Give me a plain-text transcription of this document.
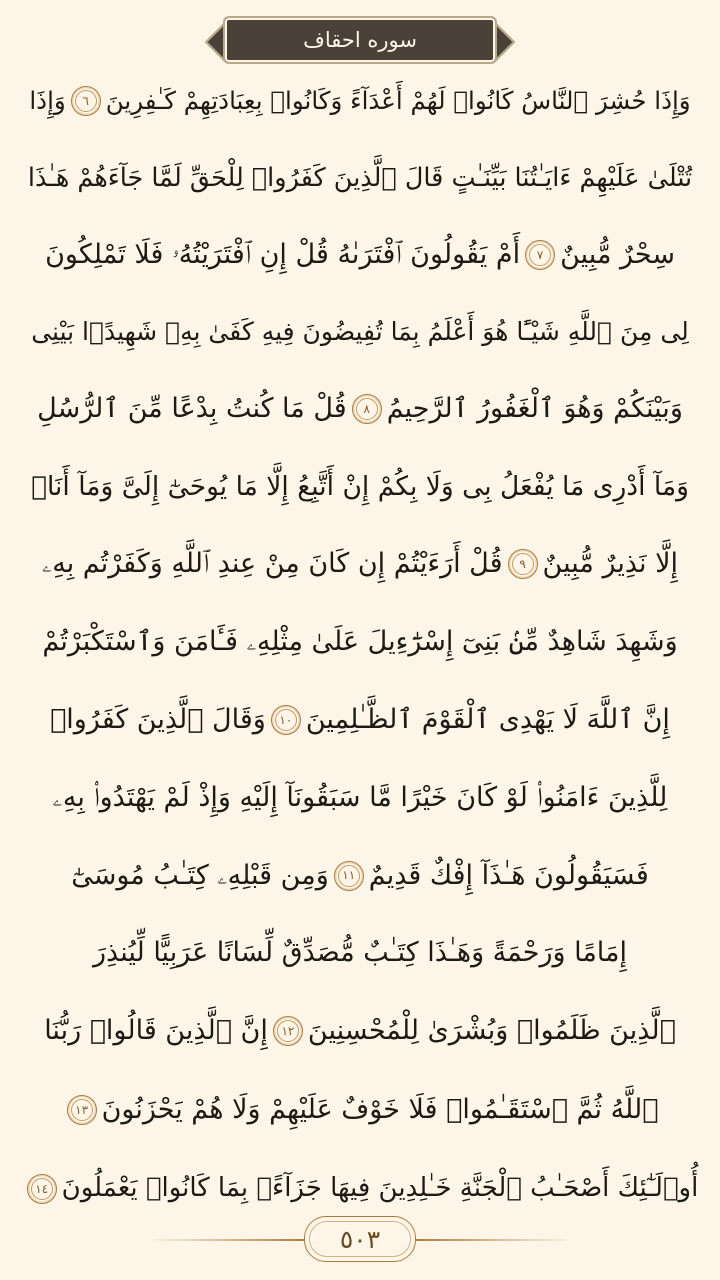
سوره احقاف
وَإِذَا حُشِرَ ٱلنَّاسُ كَانُوا۟ لَهُمْ أَعْدَآءً وَكَانُوا۟ بِعِبَادَتِهِمْ كَـٰفِرِينَ
٦
وَإِذَا
تُتْلَىٰ عَلَيْهِمْ ءَايَـٰتُنَا بَيِّنَـٰتٍ قَالَ ٱلَّذِينَ كَفَرُوا۟ لِلْحَقِّ لَمَّا جَآءَهُمْ هَـٰذَا
سِحْرٌ مُّبِينٌ
٧
أَمْ يَقُولُونَ ٱفْتَرَىٰهُ قُلْ إِنِ ٱفْتَرَيْتُهُۥ فَلَا تَمْلِكُونَ
لِى مِنَ ٱللَّهِ شَيْـًٔا هُوَ أَعْلَمُ بِمَا تُفِيضُونَ فِيهِ كَفَىٰ بِهِۦ شَهِيدًۢا بَيْنِى
وَبَيْنَكُمْ وَهُوَ ٱلْغَفُورُ ٱلرَّحِيمُ
٨
قُلْ مَا كُنتُ بِدْعًا مِّنَ ٱلرُّسُلِ
وَمَآ أَدْرِى مَا يُفْعَلُ بِى وَلَا بِكُمْ إِنْ أَتَّبِعُ إِلَّا مَا يُوحَىٰٓ إِلَىَّ وَمَآ أَنَا۠
إِلَّا نَذِيرٌ مُّبِينٌ
٩
قُلْ أَرَءَيْتُمْ إِن كَانَ مِنْ عِندِ ٱللَّهِ وَكَفَرْتُم بِهِۦ
وَشَهِدَ شَاهِدٌ مِّنۢ بَنِىٓ إِسْرَٰٓءِيلَ عَلَىٰ مِثْلِهِۦ فَـَٔامَنَ وَٱسْتَكْبَرْتُمْ
إِنَّ ٱللَّهَ لَا يَهْدِى ٱلْقَوْمَ ٱلظَّـٰلِمِينَ
١٠
وَقَالَ ٱلَّذِينَ كَفَرُوا۟
لِلَّذِينَ ءَامَنُوا۟ لَوْ كَانَ خَيْرًا مَّا سَبَقُونَآ إِلَيْهِ وَإِذْ لَمْ يَهْتَدُوا۟ بِهِۦ
فَسَيَقُولُونَ هَـٰذَآ إِفْكٌ قَدِيمٌ
١١
وَمِن قَبْلِهِۦ كِتَـٰبُ مُوسَىٰٓ
إِمَامًا وَرَحْمَةً وَهَـٰذَا كِتَـٰبٌ مُّصَدِّقٌ لِّسَانًا عَرَبِيًّا لِّيُنذِرَ
ٱلَّذِينَ ظَلَمُوا۟ وَبُشْرَىٰ لِلْمُحْسِنِينَ
١٢
إِنَّ ٱلَّذِينَ قَالُوا۟ رَبُّنَا
ٱللَّهُ ثُمَّ ٱسْتَقَـٰمُوا۟ فَلَا خَوْفٌ عَلَيْهِمْ وَلَا هُمْ يَحْزَنُونَ
١٣
أُو۟لَـٰٓئِكَ أَصْحَـٰبُ ٱلْجَنَّةِ خَـٰلِدِينَ فِيهَا جَزَآءًۢ بِمَا كَانُوا۟ يَعْمَلُونَ
١٤
٥٠٣
